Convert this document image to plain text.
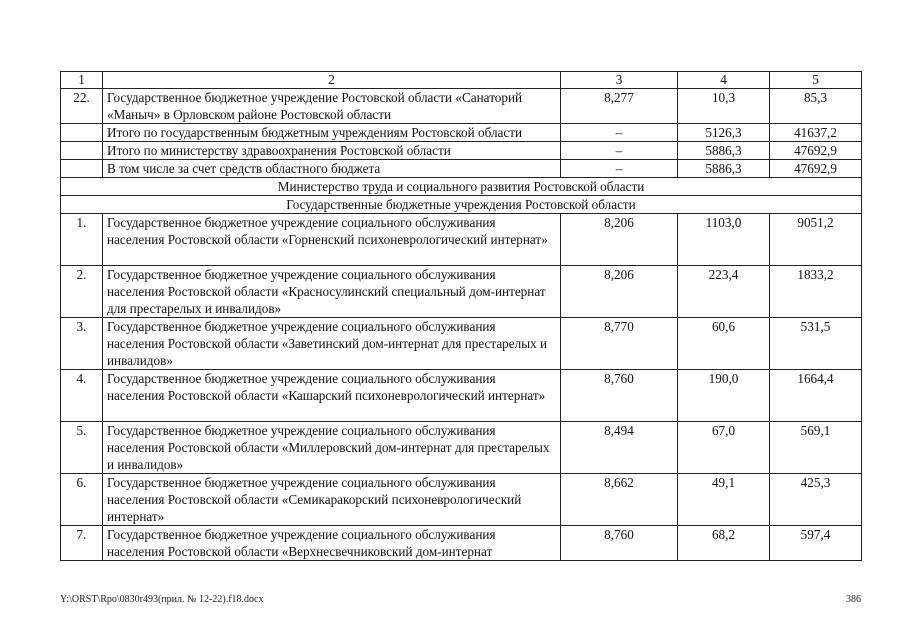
1	2	3	4	5
22.	Государственное бюджетное учреждение Ростовской области «Санаторий «Маныч» в Орловском районе Ростовской области	8,277	10,3	85,3
	Итого по государственным бюджетным учреждениям Ростовской области	–	5126,3	41637,2
	Итого по министерству здравоохранения Ростовской области	–	5886,3	47692,9
	В том числе за счет средств областного бюджета	–	5886,3	47692,9
Министерство труда и социального развития Ростовской области				
Государственные бюджетные учреждения Ростовской области				
1.	Государственное бюджетное учреждение социального обслуживания населения Ростовской области «Горненский психоневрологический интернат»	8,206	1103,0	9051,2
2.	Государственное бюджетное учреждение социального обслуживания населения Ростовской области «Красносулинский специальный дом-интернат для престарелых и инвалидов»	8,206	223,4	1833,2
3.	Государственное бюджетное учреждение социального обслуживания населения Ростовской области «Заветинский дом-интернат для престарелых и инвалидов»	8,770	60,6	531,5
4.	Государственное бюджетное учреждение социального обслуживания населения Ростовской области «Кашарский психоневрологический интернат»	8,760	190,0	1664,4
5.	Государственное бюджетное учреждение социального обслуживания населения Ростовской области «Миллеровский дом-интернат для престарелых и инвалидов»	8,494	67,0	569,1
6.	Государственное бюджетное учреждение социального обслуживания населения Ростовской области «Семикаракорский психоневрологический интернат»	8,662	49,1	425,3
7.	Государственное бюджетное учреждение социального обслуживания населения Ростовской области «Верхнесвечниковский дом-интернат	8,760	68,2	597,4
Y:\ORST\Rpo\0830r493(прил. № 12-22).f18.docx	386
